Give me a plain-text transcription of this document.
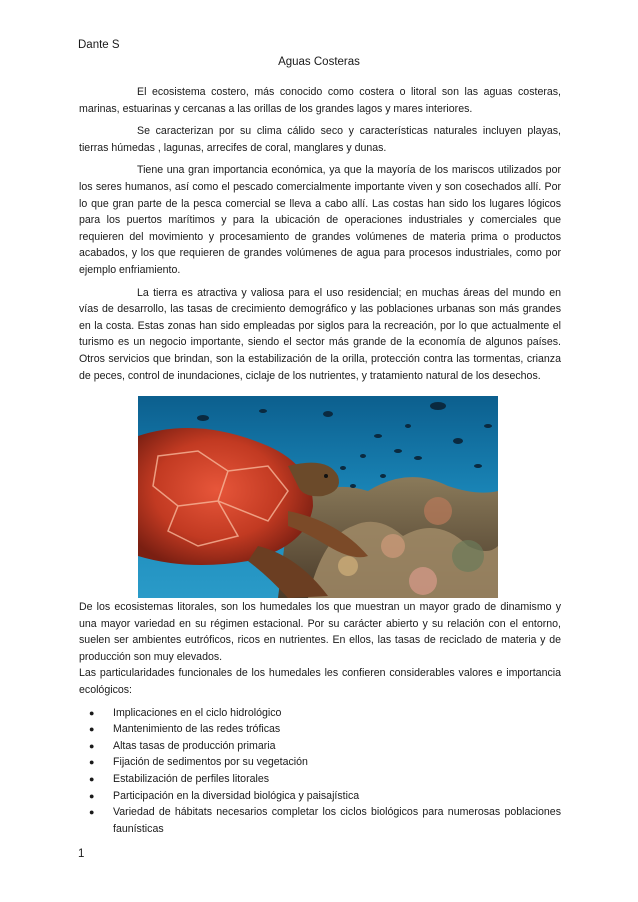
Dante S
Aguas Costeras

El ecosistema costero, más conocido como costera o litoral son las aguas costeras, marinas, estuarinas y cercanas a las orillas de los grandes lagos y mares interiores.

Se caracterizan por su clima cálido seco y características naturales incluyen playas, tierras húmedas , lagunas, arrecifes de coral, manglares y dunas.

Tiene una gran importancia económica, ya que la mayoría de los mariscos utilizados por los seres humanos, así como el pescado comercialmente importante viven y son cosechados allí. Por lo que gran parte de la pesca comercial se lleva a cabo allí. Las costas han sido los lugares lógicos para los puertos marítimos y para la ubicación de operaciones industriales y comerciales que requieren del movimiento y procesamiento de grandes volúmenes de materia prima o productos acabados, y los que requieren de grandes volúmenes de agua para procesos industriales, como por ejemplo enfriamiento.

La tierra es atractiva y valiosa para el uso residencial; en muchas áreas del mundo en vías de desarrollo, las tasas de crecimiento demográfico y las poblaciones urbanas son más grandes en la costa. Estas zonas han sido empleadas por siglos para la recreación, por lo que actualmente el turismo es un negocio importante, siendo el sector más grande de la economía de algunos países. Otros servicios que brindan, son la estabilización de la orilla, protección contra las tormentas, crianza de peces, control de inundaciones, ciclaje de los nutrientes, y tratamiento natural de los desechos.

De los ecosistemas litorales, son los humedales los que muestran un mayor grado de dinamismo y una mayor variedad en su régimen estacional. Por su carácter abierto y su relación con el entorno, suelen ser ambientes eutróficos, ricos en nutrientes. En ellos, las tasas de reciclado de materia y de producción son muy elevados.

Las particularidades funcionales de los humedales les confieren considerables valores e importancia ecológicos:

● Implicaciones en el ciclo hidrológico
● Mantenimiento de las redes tróficas
● Altas tasas de producción primaria
● Fijación de sedimentos por su vegetación
● Estabilización de perfiles litorales
● Participación en la diversidad biológica y paisajística
● Variedad de hábitats necesarios completar los ciclos biológicos para numerosas poblaciones faunísticas
1
